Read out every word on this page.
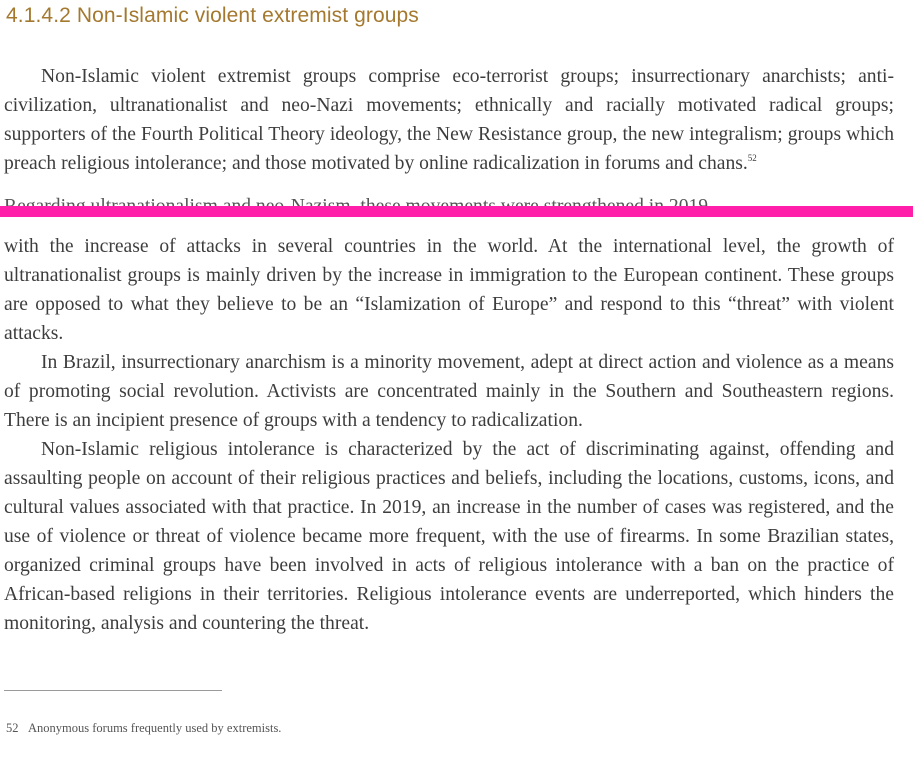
4.1.4.2 Non-Islamic violent extremist groups

Non-Islamic violent extremist groups comprise eco-terrorist groups; insurrectionary anarchists; anti-civilization, ultranationalist and neo-Nazi movements; ethnically and racially motivated radical groups; supporters of the Fourth Political Theory ideology, the New Resistance group, the new integralism; groups which preach religious intolerance; and those motivated by online radicalization in forums and chans.$^{52}$

with the increase of attacks in several countries in the world. At the international level, the growth of ultranationalist groups is mainly driven by the increase in immigration to the European continent. These groups are opposed to what they believe to be an “Islamization of Europe” and respond to this “threat” with violent attacks.

In Brazil, insurrectionary anarchism is a minority movement, adept at direct action and violence as a means of promoting social revolution. Activists are concentrated mainly in the Southern and Southeastern regions. There is an incipient presence of groups with a tendency to radicalization.

Non-Islamic religious intolerance is characterized by the act of discriminating against, offending and assaulting people on account of their religious practices and beliefs, including the locations, customs, icons, and cultural values associated with that practice. In 2019, an increase in the number of cases was registered, and the use of violence or threat of violence became more frequent, with the use of firearms. In some Brazilian states, organized criminal groups have been involved in acts of religious intolerance with a ban on the practice of African-based religions in their territories. Religious intolerance events are underreported, which hinders the monitoring, analysis and countering the threat.

52 Anonymous forums frequently used by extremists.
